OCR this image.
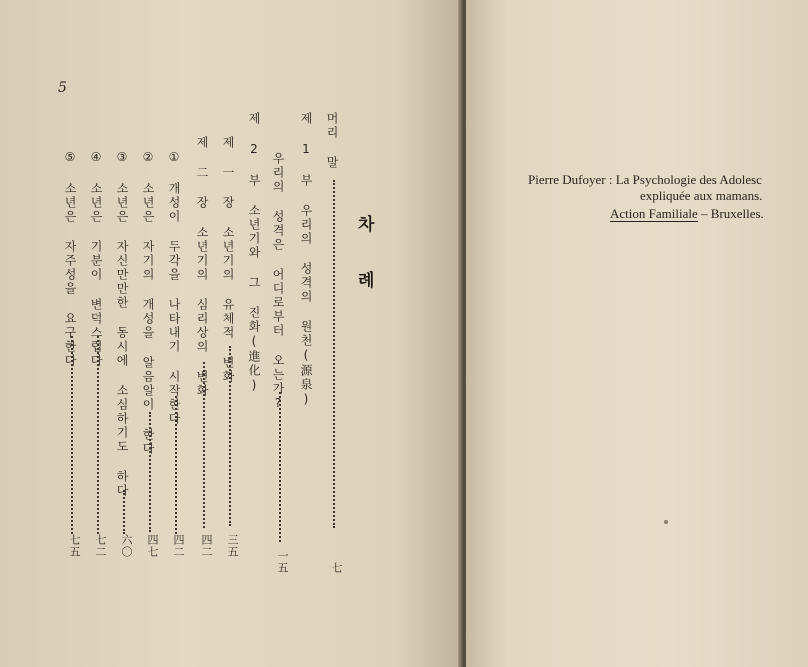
5
차
례
머리 말
七
제 1 부 우리의 성격의 원천(源泉)
우리의 성격은 어디로부터 오는가?
一五
제 2 부 소년기와 그 진화(進化)
제 一 장 소년기의 유체적 변화
三五
제 二 장 소년기의 심리상의 변화
四二
① 개성이 두각을 나타내기 시작한다
四二
② 소년은 자기의 개성을 알음알이 한다
四七
③ 소년은 자신만만한 동시에 소심하기도 하다
六〇
④ 소년은 기분이 변덕스럽다
七二
⑤ 소년은 자주성을 요구한다
七五
Pierre Dufoyer : La Psychologie des Adolesc
expliquée aux mamans.
Action Familiale – Bruxelles.
